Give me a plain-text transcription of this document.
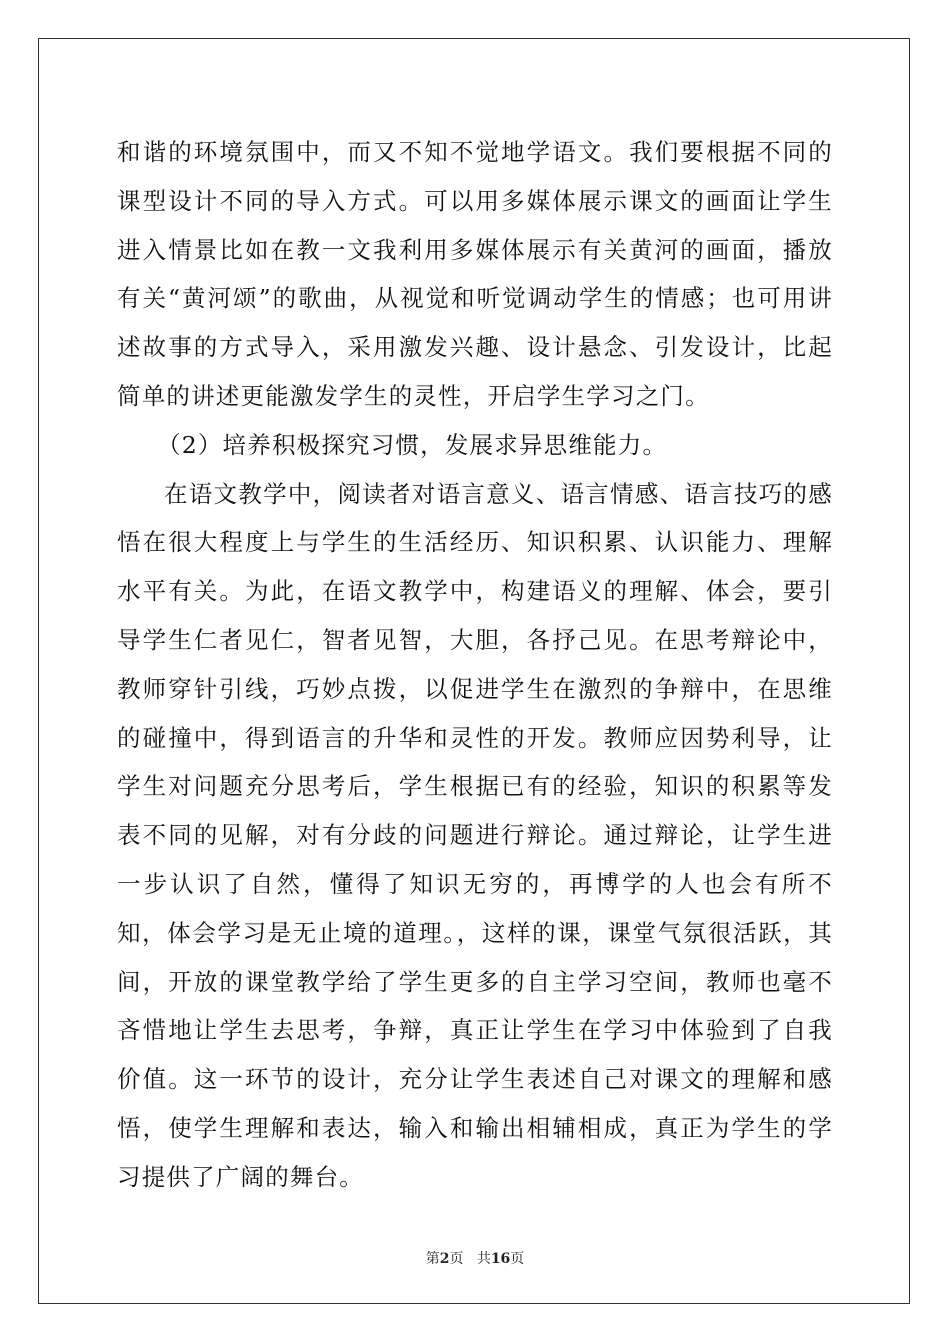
和谐的环境氛围中，而又不知不觉地学语文。我们要根据不同的课型设计不同的导入方式。可以用多媒体展示课文的画面让学生进入情景比如在教一文我利用多媒体展示有关黄河的画面，播放有关“黄河颂”的歌曲，从视觉和听觉调动学生的情感；也可用讲述故事的方式导入，采用激发兴趣、设计悬念、引发设计，比起简单的讲述更能激发学生的灵性，开启学生学习之门。

（2）培养积极探究习惯，发展求异思维能力。

在语文教学中，阅读者对语言意义、语言情感、语言技巧的感悟在很大程度上与学生的生活经历、知识积累、认识能力、理解水平有关。为此，在语文教学中，构建语义的理解、体会，要引导学生仁者见仁，智者见智，大胆，各抒己见。在思考辩论中，教师穿针引线，巧妙点拨，以促进学生在激烈的争辩中，在思维的碰撞中，得到语言的升华和灵性的开发。教师应因势利导，让学生对问题充分思考后，学生根据已有的经验，知识的积累等发表不同的见解，对有分歧的问题进行辩论。通过辩论，让学生进一步认识了自然，懂得了知识无穷的，再博学的人也会有所不知，体会学习是无止境的道理。，这样的课，课堂气氛很活跃，其间，开放的课堂教学给了学生更多的自主学习空间，教师也毫不吝惜地让学生去思考，争辩，真正让学生在学习中体验到了自我价值。这一环节的设计，充分让学生表述自己对课文的理解和感悟，使学生理解和表达，输入和输出相辅相成，真正为学生的学习提供了广阔的舞台。

第2页 共16页
